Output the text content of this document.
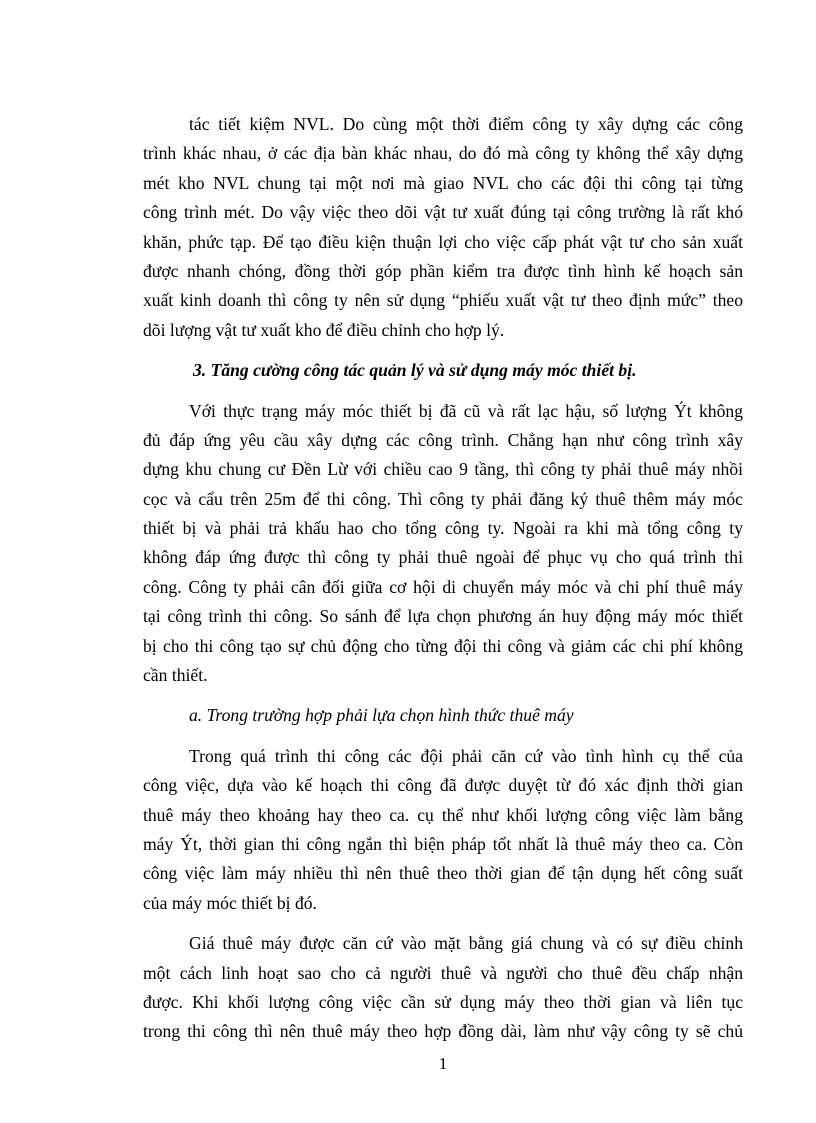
tác tiết kiệm NVL. Do cùng một thời điểm công ty xây dựng các công
trình khác nhau, ở các địa bàn khác nhau, do đó mà công ty không thể xây dựng
mét kho NVL chung tại một nơi mà giao NVL cho các đội thi công tại từng
công trình mét. Do vậy việc theo dõi vật tư xuất đúng tại công trường là rất khó
khăn, phức tạp. Để tạo điều kiện thuận lợi cho việc cấp phát vật tư cho sản xuất
được nhanh chóng, đồng thời góp phần kiểm tra được tình hình kế hoạch sản
xuất kinh doanh thì công ty nên sử dụng “phiếu xuất vật tư theo định mức” theo
dõi lượng vật tư xuất kho để điều chỉnh cho hợp lý.
3. Tăng cường công tác quản lý và sử dụng máy móc thiết bị.
Với thực trạng máy móc thiết bị đã cũ và rất lạc hậu, số lượng Ýt không
đủ đáp ứng yêu cầu xây dựng các công trình. Chẳng hạn như công trình xây
dựng khu chung cư Đền Lừ với chiều cao 9 tầng, thì công ty phải thuê máy nhồi
cọc và cẩu trên 25m để thi công. Thì công ty phải đăng ký thuê thêm máy móc
thiết bị và phải trả khấu hao cho tổng công ty. Ngoài ra khi mà tổng công ty
không đáp ứng được thì công ty phải thuê ngoài để phục vụ cho quá trình thi
công. Công ty phải cân đối giữa cơ hội di chuyển máy móc và chi phí thuê máy
tại công trình thi công. So sánh để lựa chọn phương án huy động máy móc thiết
bị cho thi công tạo sự chủ động cho từng đội thi công và giảm các chi phí không
cần thiết.
a. Trong trường hợp phải lựa chọn hình thức thuê máy
Trong quá trình thi công các đội phải căn cứ vào tình hình cụ thể của
công việc, dựa vào kế hoạch thi công đã được duyệt từ đó xác định thời gian
thuê máy theo khoảng hay theo ca. cụ thể như khối lượng công việc làm bằng
máy Ýt, thời gian thi công ngắn thì biện pháp tốt nhất là thuê máy theo ca. Còn
công việc làm máy nhiều thì nên thuê theo thời gian để tận dụng hết công suất
của máy móc thiết bị đó.
Giá thuê máy được căn cứ vào mặt bằng giá chung và có sự điều chỉnh
một cách linh hoạt sao cho cả người thuê và người cho thuê đều chấp nhận
được. Khi khối lượng công việc cần sử dụng máy theo thời gian và liên tục
trong thi công thì nên thuê máy theo hợp đồng dài, làm như vậy công ty sẽ chủ
1
